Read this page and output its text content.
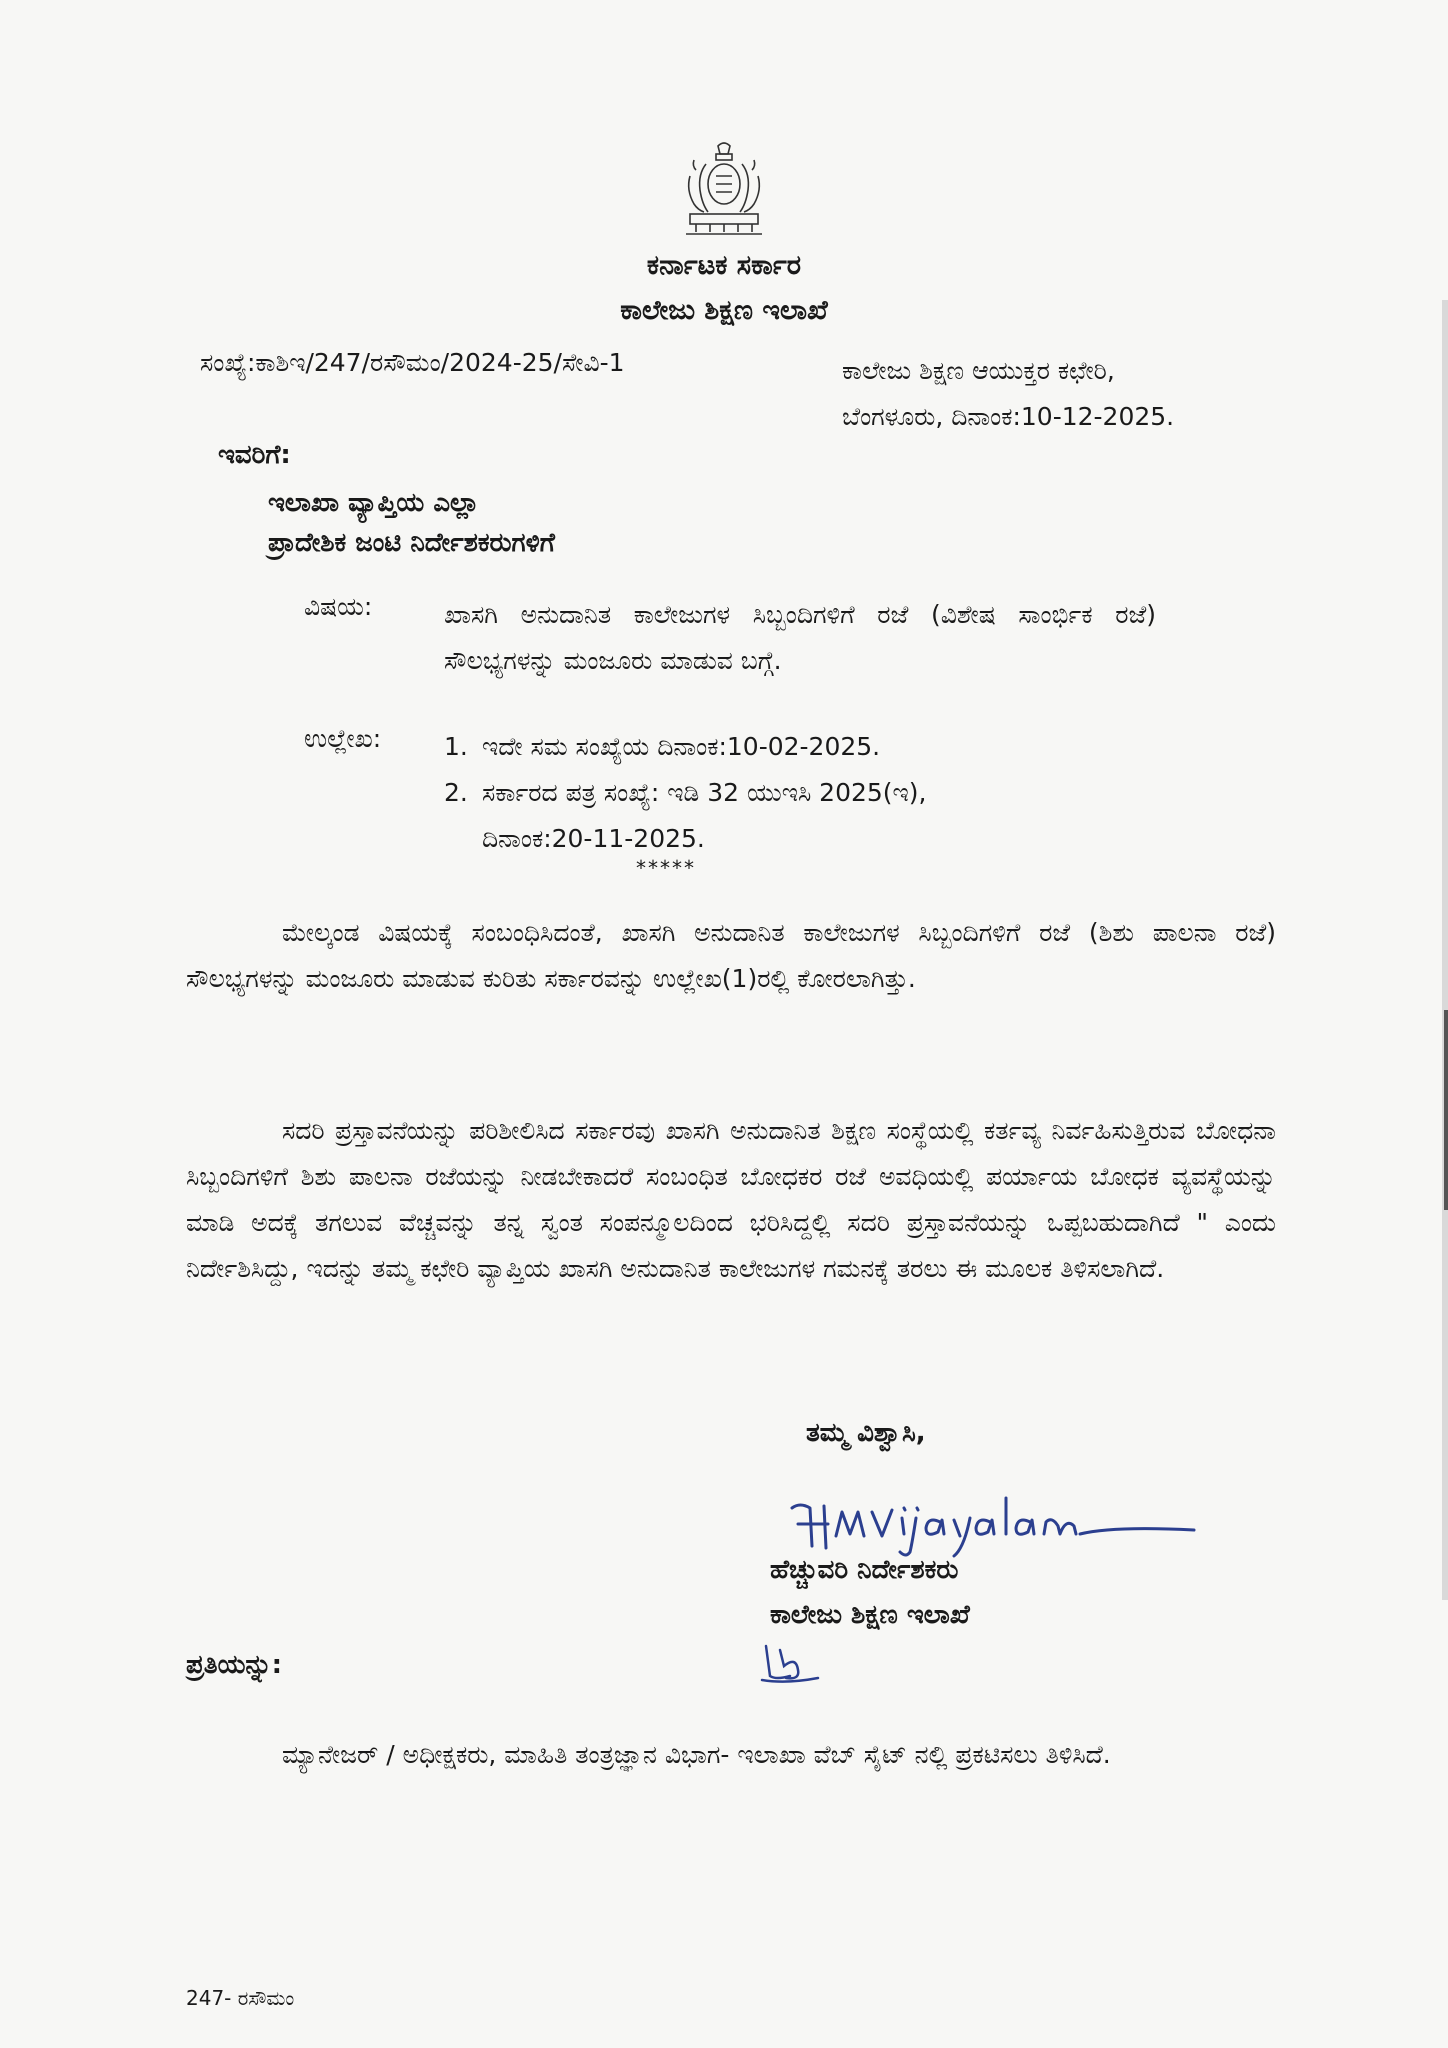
ಕರ್ನಾಟಕ ಸರ್ಕಾರ
ಕಾಲೇಜು ಶಿಕ್ಷಣ ಇಲಾಖೆ
ಸಂಖ್ಯೆ:ಕಾಶಿಇ/247/ರಸೌಮಂ/2024-25/ಸೇವಿ-1	ಕಾಲೇಜು ಶಿಕ್ಷಣ ಆಯುಕ್ತರ ಕಛೇರಿ,
ಬೆಂಗಳೂರು, ದಿನಾಂಕ:10-12-2025.
ಇವರಿಗೆ:
ಇಲಾಖಾ ವ್ಯಾಪ್ತಿಯ ಎಲ್ಲಾ
ಪ್ರಾದೇಶಿಕ ಜಂಟಿ ನಿರ್ದೇಶಕರುಗಳಿಗೆ
ವಿಷಯ:	ಖಾಸಗಿ ಅನುದಾನಿತ ಕಾಲೇಜುಗಳ ಸಿಬ್ಬಂದಿಗಳಿಗೆ ರಜೆ (ವಿಶೇಷ ಸಾಂರ್ಭಿಕ ರಜೆ) ಸೌಲಭ್ಯಗಳನ್ನು ಮಂಜೂರು ಮಾಡುವ ಬಗ್ಗೆ.
ಉಲ್ಲೇಖ:	1. ಇದೇ ಸಮ ಸಂಖ್ಯೆಯ ದಿನಾಂಕ:10-02-2025.
2. ಸರ್ಕಾರದ ಪತ್ರ ಸಂಖ್ಯೆ: ಇಡಿ 32 ಯುಇಸಿ 2025(ಇ),
ದಿನಾಂಕ:20-11-2025.
*****
ಮೇಲ್ಕಂಡ ವಿಷಯಕ್ಕೆ ಸಂಬಂಧಿಸಿದಂತೆ, ಖಾಸಗಿ ಅನುದಾನಿತ ಕಾಲೇಜುಗಳ ಸಿಬ್ಬಂದಿಗಳಿಗೆ ರಜೆ (ಶಿಶು ಪಾಲನಾ ರಜೆ) ಸೌಲಭ್ಯಗಳನ್ನು ಮಂಜೂರು ಮಾಡುವ ಕುರಿತು ಸರ್ಕಾರವನ್ನು ಉಲ್ಲೇಖ(1)ರಲ್ಲಿ ಕೋರಲಾಗಿತ್ತು.
ಸದರಿ ಪ್ರಸ್ತಾವನೆಯನ್ನು ಪರಿಶೀಲಿಸಿದ ಸರ್ಕಾರವು ಖಾಸಗಿ ಅನುದಾನಿತ ಶಿಕ್ಷಣ ಸಂಸ್ಥೆಯಲ್ಲಿ ಕರ್ತವ್ಯ ನಿರ್ವಹಿಸುತ್ತಿರುವ ಬೋಧನಾ ಸಿಬ್ಬಂದಿಗಳಿಗೆ ಶಿಶು ಪಾಲನಾ ರಜೆಯನ್ನು ನೀಡಬೇಕಾದರೆ ಸಂಬಂಧಿತ ಬೋಧಕರ ರಜೆ ಅವಧಿಯಲ್ಲಿ ಪರ್ಯಾಯ ಬೋಧಕ ವ್ಯವಸ್ಥೆಯನ್ನು ಮಾಡಿ ಅದಕ್ಕೆ ತಗಲುವ ವೆಚ್ಚವನ್ನು ತನ್ನ ಸ್ವಂತ ಸಂಪನ್ಮೂಲದಿಂದ ಭರಿಸಿದ್ದಲ್ಲಿ ಸದರಿ ಪ್ರಸ್ತಾವನೆಯನ್ನು ಒಪ್ಪಬಹುದಾಗಿದೆ " ಎಂದು ನಿರ್ದೇಶಿಸಿದ್ದು, ಇದನ್ನು ತಮ್ಮ ಕಛೇರಿ ವ್ಯಾಪ್ತಿಯ ಖಾಸಗಿ ಅನುದಾನಿತ ಕಾಲೇಜುಗಳ ಗಮನಕ್ಕೆ ತರಲು ಈ ಮೂಲಕ ತಿಳಿಸಲಾಗಿದೆ.
ತಮ್ಮ ವಿಶ್ವಾಸಿ,
ಹೆಚ್ಚುವರಿ ನಿರ್ದೇಶಕರು
ಕಾಲೇಜು ಶಿಕ್ಷಣ ಇಲಾಖೆ
ಪ್ರತಿಯನ್ನು:
ಮ್ಯಾನೇಜರ್ / ಅಧೀಕ್ಷಕರು, ಮಾಹಿತಿ ತಂತ್ರಜ್ಞಾನ ವಿಭಾಗ- ಇಲಾಖಾ ವೆಬ್ ಸೈಟ್ ನಲ್ಲಿ ಪ್ರಕಟಿಸಲು ತಿಳಿಸಿದೆ.
247- ರಸೌಮಂ
